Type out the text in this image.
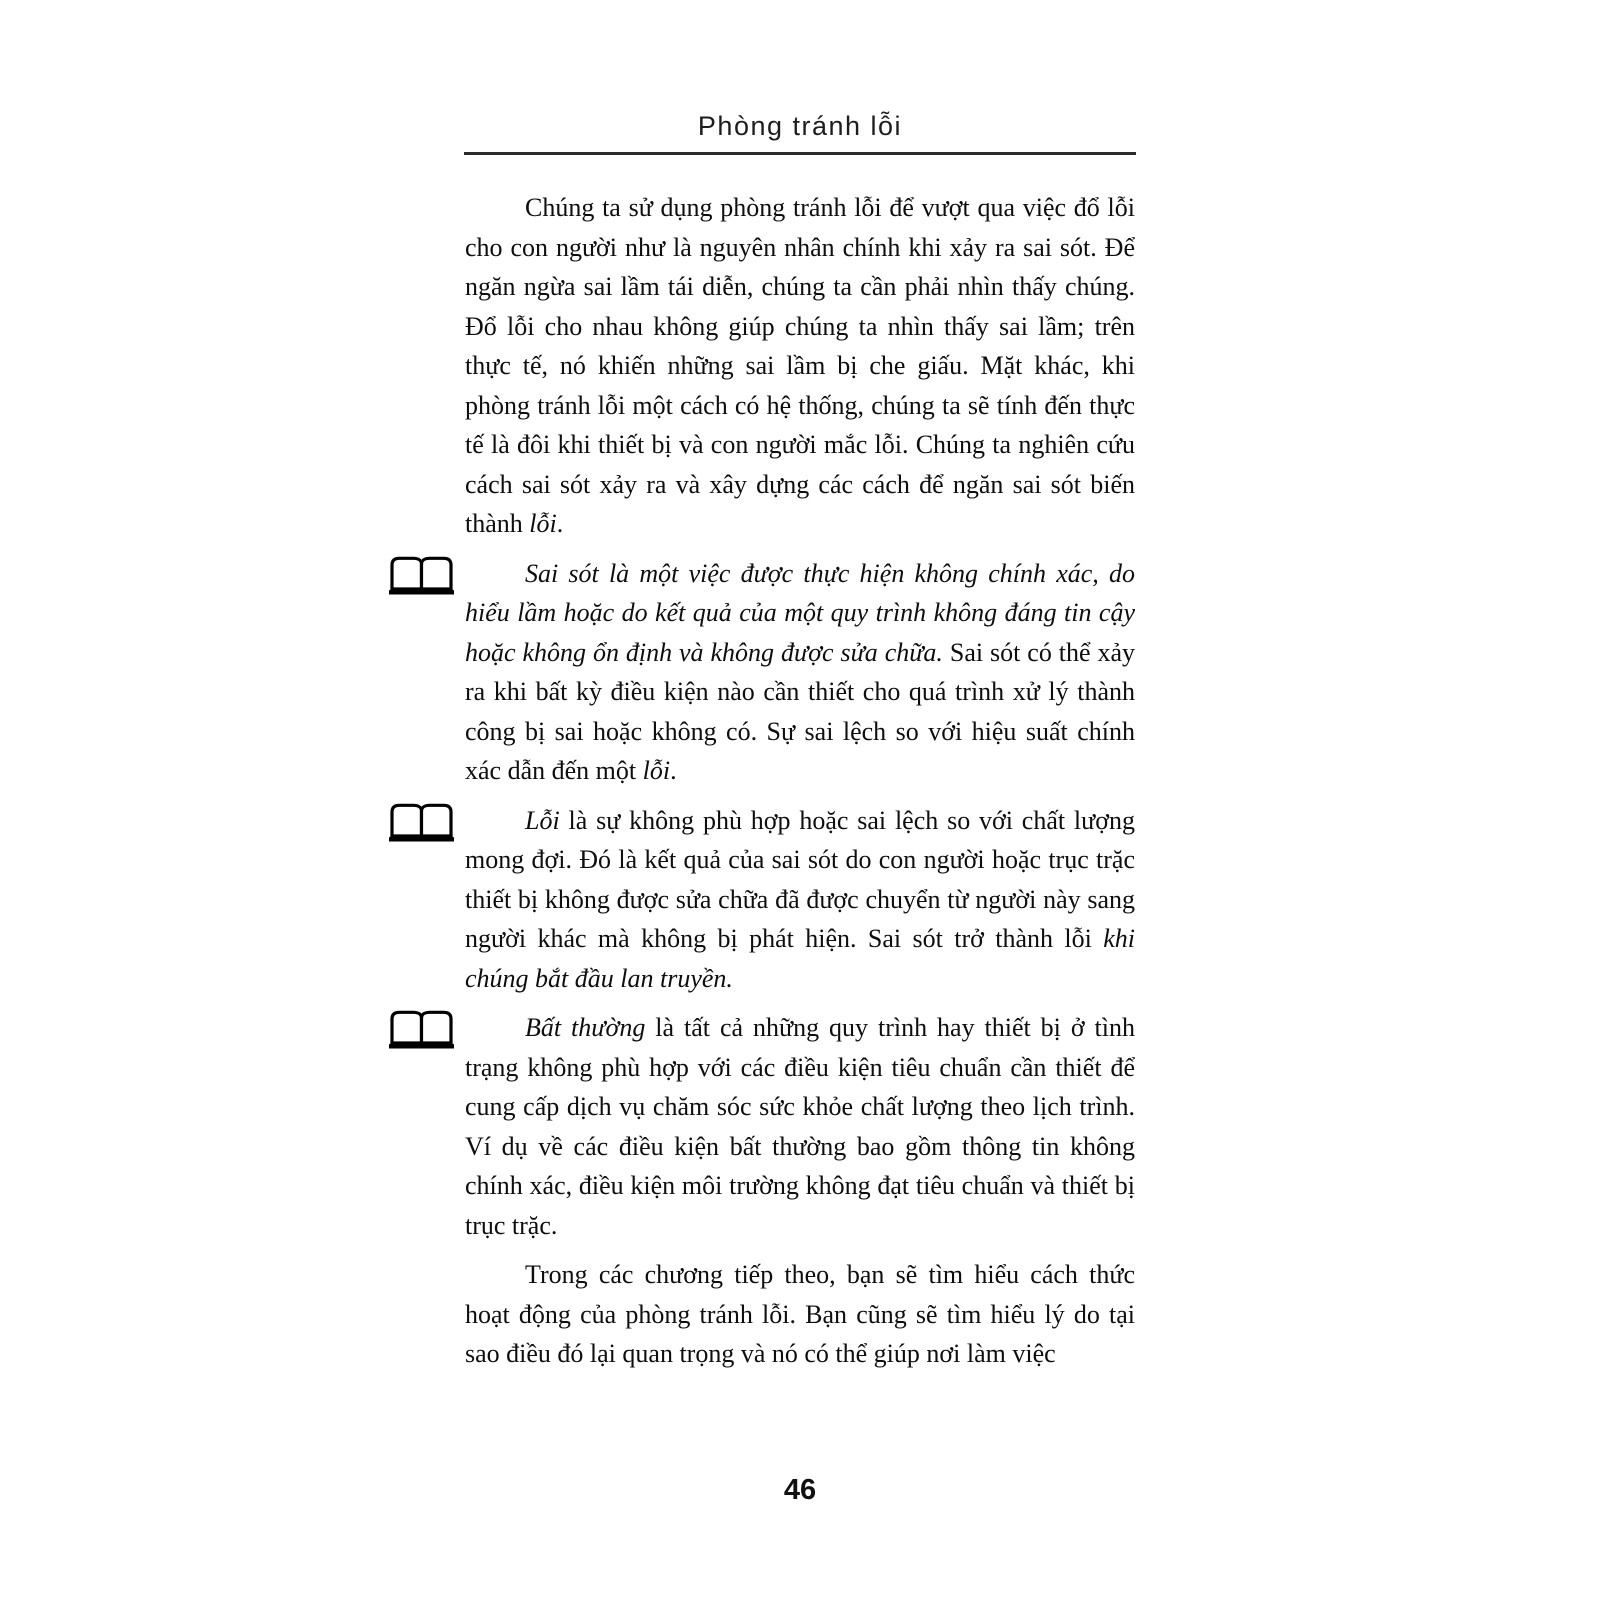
Phòng tránh lỗi

Chúng ta sử dụng phòng tránh lỗi để vượt qua việc đổ lỗi cho con người như là nguyên nhân chính khi xảy ra sai sót. Để ngăn ngừa sai lầm tái diễn, chúng ta cần phải nhìn thấy chúng. Đổ lỗi cho nhau không giúp chúng ta nhìn thấy sai lầm; trên thực tế, nó khiến những sai lầm bị che giấu. Mặt khác, khi phòng tránh lỗi một cách có hệ thống, chúng ta sẽ tính đến thực tế là đôi khi thiết bị và con người mắc lỗi. Chúng ta nghiên cứu cách sai sót xảy ra và xây dựng các cách để ngăn sai sót biến thành lỗi.

Sai sót là một việc được thực hiện không chính xác, do hiểu lầm hoặc do kết quả của một quy trình không đáng tin cậy hoặc không ổn định và không được sửa chữa. Sai sót có thể xảy ra khi bất kỳ điều kiện nào cần thiết cho quá trình xử lý thành công bị sai hoặc không có. Sự sai lệch so với hiệu suất chính xác dẫn đến một lỗi.

Lỗi là sự không phù hợp hoặc sai lệch so với chất lượng mong đợi. Đó là kết quả của sai sót do con người hoặc trục trặc thiết bị không được sửa chữa đã được chuyển từ người này sang người khác mà không bị phát hiện. Sai sót trở thành lỗi khi chúng bắt đầu lan truyền.

Bất thường là tất cả những quy trình hay thiết bị ở tình trạng không phù hợp với các điều kiện tiêu chuẩn cần thiết để cung cấp dịch vụ chăm sóc sức khỏe chất lượng theo lịch trình. Ví dụ về các điều kiện bất thường bao gồm thông tin không chính xác, điều kiện môi trường không đạt tiêu chuẩn và thiết bị trục trặc.

Trong các chương tiếp theo, bạn sẽ tìm hiểu cách thức hoạt động của phòng tránh lỗi. Bạn cũng sẽ tìm hiểu lý do tại sao điều đó lại quan trọng và nó có thể giúp nơi làm việc

46
